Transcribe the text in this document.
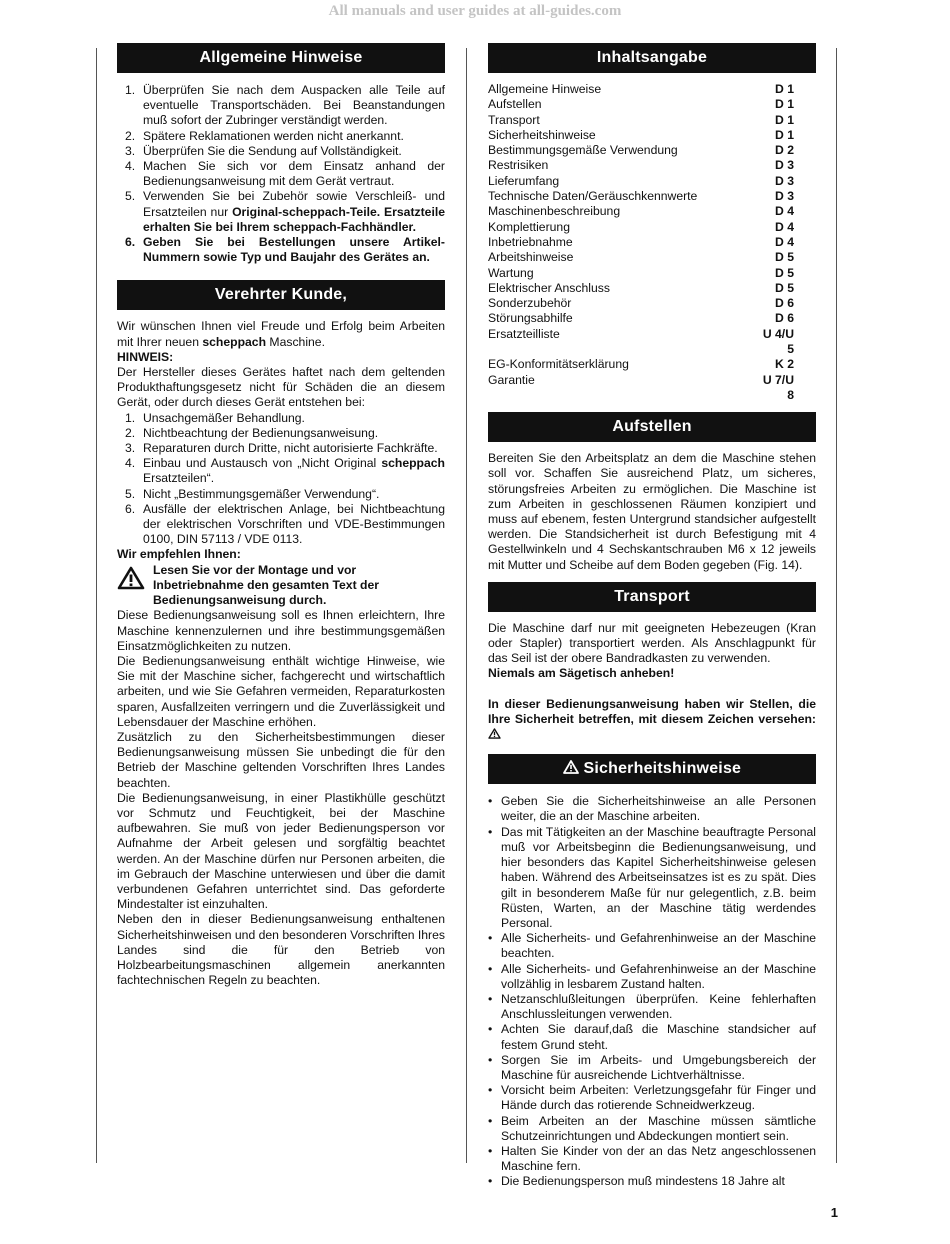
All manuals and user guides at all-guides.com
Allgemeine Hinweise
1. Überprüfen Sie nach dem Auspacken alle Teile auf eventuelle Transportschäden. Bei Beanstandungen muß sofort der Zubringer verständigt werden.
2. Spätere Reklamationen werden nicht anerkannt.
3. Überprüfen Sie die Sendung auf Vollständigkeit.
4. Machen Sie sich vor dem Einsatz anhand der Bedienungsanweisung mit dem Gerät vertraut.
5. Verwenden Sie bei Zubehör sowie Verschleiß- und Ersatzteilen nur Original-scheppach-Teile. Ersatzteile erhalten Sie bei Ihrem scheppach-Fachhändler.
6. Geben Sie bei Bestellungen unsere Artikel-Nummern sowie Typ und Baujahr des Gerätes an.
Verehrter Kunde,

Wir wünschen Ihnen viel Freude und Erfolg beim Arbeiten mit Ihrer neuen scheppach Maschine.

HINWEIS:

Der Hersteller dieses Gerätes haftet nach dem geltenden Produkthaftungsgesetz nicht für Schäden die an diesem Gerät, oder durch dieses Gerät entstehen bei:

1. Unsachgemäßer Behandlung.
2. Nichtbeachtung der Bedienungsanweisung.
3. Reparaturen durch Dritte, nicht autorisierte Fachkräfte.
4. Einbau und Austausch von „Nicht Original scheppach Ersatzteilen“.
5. Nicht „Bestimmungsgemäßer Verwendung“.
6. Ausfälle der elektrischen Anlage, bei Nichtbeachtung der elektrischen Vorschriften und VDE-Bestimmungen 0100, DIN 57113 / VDE 0113.
Wir empfehlen Ihnen:
Lesen Sie vor der Montage und vor Inbetriebnahme den gesamten Text der Bedienungsanweisung durch.

Diese Bedienungsanweisung soll es Ihnen erleichtern, Ihre Maschine kennenzulernen und ihre bestimmungsgemäßen Einsatzmöglichkeiten zu nutzen.

Die Bedienungsanweisung enthält wichtige Hinweise, wie Sie mit der Maschine sicher, fachgerecht und wirtschaftlich arbeiten, und wie Sie Gefahren vermeiden, Reparaturkosten sparen, Ausfallzeiten verringern und die Zuverlässigkeit und Lebensdauer der Maschine erhöhen.

Zusätzlich zu den Sicherheitsbestimmungen dieser Bedienungsanweisung müssen Sie unbedingt die für den Betrieb der Maschine geltenden Vorschriften Ihres Landes beachten.

Die Bedienungsanweisung, in einer Plastikhülle geschützt vor Schmutz und Feuchtigkeit, bei der Maschine aufbewahren. Sie muß von jeder Bedienungsperson vor Aufnahme der Arbeit gelesen und sorgfältig beachtet werden. An der Maschine dürfen nur Personen arbeiten, die im Gebrauch der Maschine unterwiesen und über die damit verbundenen Gefahren unterrichtet sind. Das geforderte Mindestalter ist einzuhalten.

Neben den in dieser Bedienungsanweisung enthaltenen Sicherheitshinweisen und den besonderen Vorschriften Ihres Landes sind die für den Betrieb von Holzbearbeitungsmaschinen allgemein anerkannten fachtechnischen Regeln zu beachten.

Inhaltsangabe
Allgemeine Hinweise	D 1
Aufstellen	D 1
Transport	D 1
Sicherheitshinweise	D 1
Bestimmungsgemäße Verwendung	D 2
Restrisiken	D 3
Lieferumfang	D 3
Technische Daten/Geräuschkennwerte	D 3
Maschinenbeschreibung	D 4
Komplettierung	D 4
Inbetriebnahme	D 4
Arbeitshinweise	D 5
Wartung	D 5
Elektrischer Anschluss	D 5
Sonderzubehör	D 6
Störungsabhilfe	D 6
Ersatzteilliste	U 4/U 5
EG-Konformitätserklärung	K 2
Garantie	U 7/U 8
Aufstellen
Bereiten Sie den Arbeitsplatz an dem die Maschine stehen soll vor. Schaffen Sie ausreichend Platz, um sicheres, störungsfreies Arbeiten zu ermöglichen. Die Maschine ist zum Arbeiten in geschlossenen Räumen konzipiert und muss auf ebenem, festen Untergrund standsicher aufgestellt werden. Die Standsicherheit ist durch Befestigung mit 4 Gestellwinkeln und 4 Sechskantschrauben M6 x 12 jeweils mit Mutter und Scheibe auf dem Boden gegeben (Fig. 14).
Transport

Die Maschine darf nur mit geeigneten Hebezeugen (Kran oder Stapler) transportiert werden. Als Anschlagpunkt für das Seil ist der obere Bandradkasten zu verwenden.

Niemals am Sägetisch anheben!

In dieser Bedienungsanweisung haben wir Stellen, die Ihre Sicherheit betreffen, mit diesem Zeichen versehen:

Sicherheitshinweise
• Geben Sie die Sicherheitshinweise an alle Personen weiter, die an der Maschine arbeiten.
• Das mit Tätigkeiten an der Maschine beauftragte Personal muß vor Arbeitsbeginn die Bedienungsanweisung, und hier besonders das Kapitel Sicherheitshinweise gelesen haben. Während des Arbeitseinsatzes ist es zu spät. Dies gilt in besonderem Maße für nur gelegentlich, z.B. beim Rüsten, Warten, an der Maschine tätig werdendes Personal.
• Alle Sicherheits- und Gefahrenhinweise an der Maschine beachten.
• Alle Sicherheits- und Gefahrenhinweise an der Maschine vollzählig in lesbarem Zustand halten.
• Netzanschlußleitungen überprüfen. Keine fehlerhaften Anschlussleitungen verwenden.
• Achten Sie darauf,daß die Maschine standsicher auf festem Grund steht.
• Sorgen Sie im Arbeits- und Umgebungsbereich der Maschine für ausreichende Lichtverhältnisse.
• Vorsicht beim Arbeiten: Verletzungsgefahr für Finger und Hände durch das rotierende Schneidwerkzeug.
• Beim Arbeiten an der Maschine müssen sämtliche Schutzeinrichtungen und Abdeckungen montiert sein.
• Halten Sie Kinder von der an das Netz angeschlossenen Maschine fern.
• Die Bedienungsperson muß mindestens 18 Jahre alt
1
